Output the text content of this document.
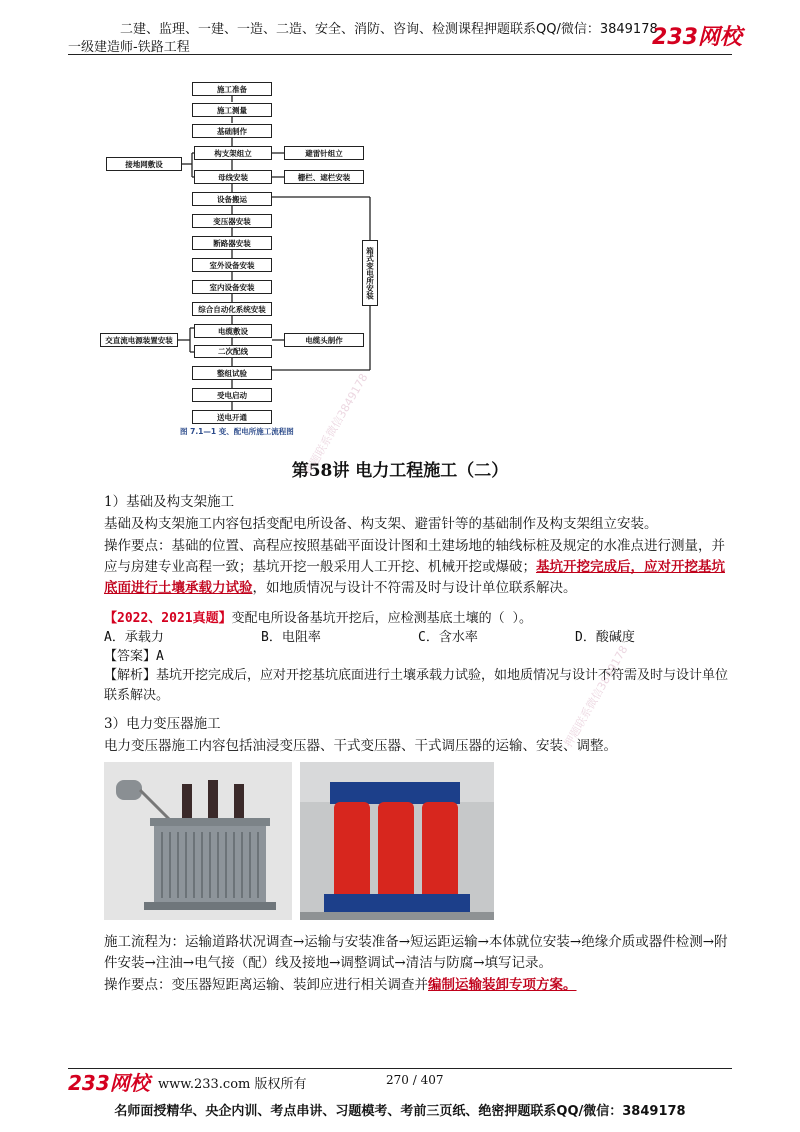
二建、监理、一建、一造、二造、安全、消防、咨询、检测课程押题联系QQ/微信：3849178
一级建造师-铁路工程	233网校
施工准备
施工测量
基础制作
构支架组立
母线安装
设备搬运
变压器安装
断路器安装
室外设备安装
室内设备安装
综合自动化系统安装
电缆敷设
二次配线
整组试验
受电启动
送电开通
接地网敷设
交直流电源装置安装
避雷针组立
栅栏、遮栏安装
电缆头制作
箱式变电所安装
图 7.1—1 变、配电所施工流程图
第58讲 电力工程施工（二）
1）基础及构支架施工
基础及构支架施工内容包括变配电所设备、构支架、避雷针等的基础制作及构支架组立安装。
操作要点：基础的位置、高程应按照基础平面设计图和土建场地的轴线标桩及规定的水准点进行测量，并应与房建专业高程一致；基坑开挖一般采用人工开挖、机械开挖或爆破；基坑开挖完成后，应对开挖基坑底面进行土壤承载力试验，如地质情况与设计不符需及时与设计单位联系解决。
【2022、2021真题】变配电所设备基坑开挖后，应检测基底土壤的（ ）。
A．承载力	B．电阻率	C．含水率	D．酸碱度
【答案】A
【解析】基坑开挖完成后，应对开挖基坑底面进行土壤承载力试验，如地质情况与设计不符需及时与设计单位联系解决。
3）电力变压器施工
电力变压器施工内容包括油浸变压器、干式变压器、干式调压器的运输、安装、调整。
施工流程为：运输道路状况调查→运输与安装准备→短运距运输→本体就位安装→绝缘介质或器件检测→附件安装→注油→电气接（配）线及接地→调整调试→清洁与防腐→填写记录。
操作要点：变压器短距离运输、装卸应进行相关调查并编制运输装卸专项方案。
押题联系微信3849178
押题联系微信3849178
233网校 www.233.com 版权所有	270 / 407
名师面授精华、央企内训、考点串讲、习题模考、考前三页纸、绝密押题联系QQ/微信：3849178
